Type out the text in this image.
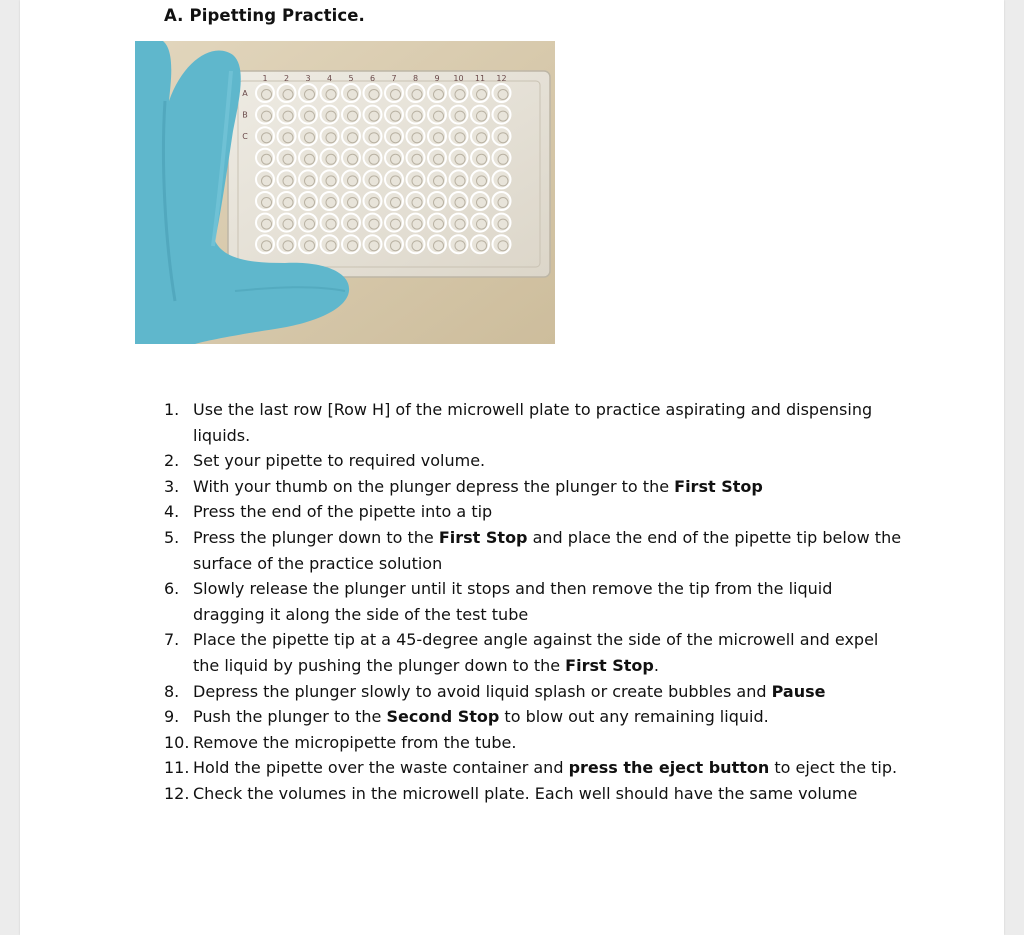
A. Pipetting Practice.
1 2 3 4 5 6 7 8 9 10 11 12
A
B
C
1. Use the last row [Row H] of the microwell plate to practice aspirating and dispensing liquids.
2. Set your pipette to required volume.
3. With your thumb on the plunger depress the plunger to the First Stop
4. Press the end of the pipette into a tip
5. Press the plunger down to the First Stop and place the end of the pipette tip below the surface of the practice solution
6. Slowly release the plunger until it stops and then remove the tip from the liquid dragging it along the side of the test tube
7. Place the pipette tip at a 45-degree angle against the side of the microwell and expel the liquid by pushing the plunger down to the First Stop.
8. Depress the plunger slowly to avoid liquid splash or create bubbles and Pause
9. Push the plunger to the Second Stop to blow out any remaining liquid.
10. Remove the micropipette from the tube.
11. Hold the pipette over the waste container and press the eject button to eject the tip.
12. Check the volumes in the microwell plate. Each well should have the same volume
